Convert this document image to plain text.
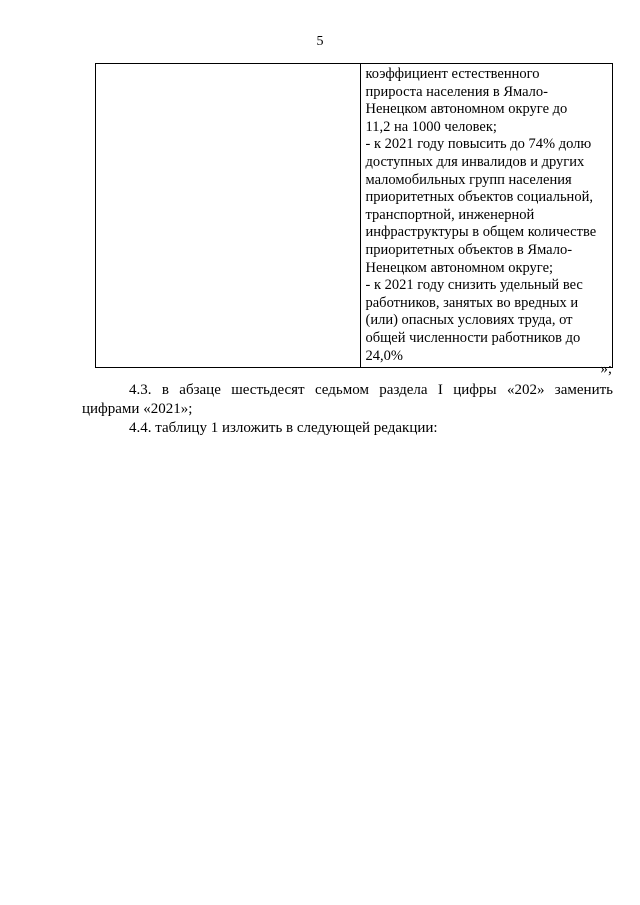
5

коэффициент естественного
прироста населения в Ямало-
Ненецком автономном округе до
11,2 на 1000 человек;
- к 2021 году повысить до 74% долю
доступных для инвалидов и других
маломобильных групп населения
приоритетных объектов социальной,
транспортной, инженерной
инфраструктуры в общем количестве
приоритетных объектов в Ямало-
Ненецком автономном округе;
- к 2021 году снизить удельный вес
работников, занятых во вредных и
(или) опасных условиях труда, от
общей численности работников до
24,0%
»;
4.3. в абзаце шестьдесят седьмом раздела I цифры «202» заменить
цифрами «2021»;
4.4. таблицу 1 изложить в следующей редакции:
